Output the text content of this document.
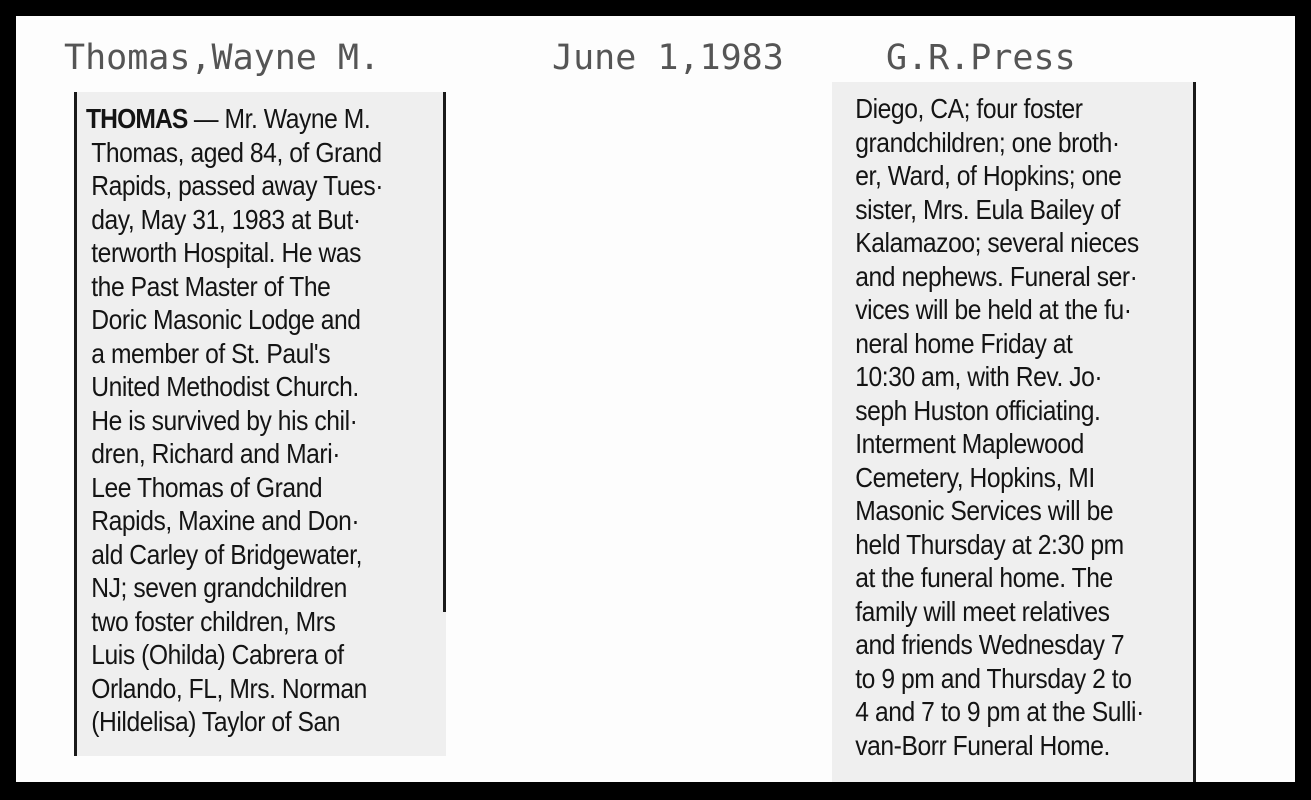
Thomas,Wayne M.	June 1,1983	G.R.Press
THOMAS — Mr. Wayne M.
Thomas, aged 84, of Grand
Rapids, passed away Tues·
day, May 31, 1983 at But·
terworth Hospital. He was
the Past Master of The
Doric Masonic Lodge and
a member of St. Paul's
United Methodist Church.
He is survived by his chil·
dren, Richard and Mari·
Lee Thomas of Grand
Rapids, Maxine and Don·
ald Carley of Bridgewater,
NJ; seven grandchildren
two foster children, Mrs
Luis (Ohilda) Cabrera of
Orlando, FL, Mrs. Norman
(Hildelisa) Taylor of San
Diego, CA; four foster
grandchildren; one broth·
er, Ward, of Hopkins; one
sister, Mrs. Eula Bailey of
Kalamazoo; several nieces
and nephews. Funeral ser·
vices will be held at the fu·
neral home Friday at
10:30 am, with Rev. Jo·
seph Huston officiating.
Interment Maplewood
Cemetery, Hopkins, MI
Masonic Services will be
held Thursday at 2:30 pm
at the funeral home. The
family will meet relatives
and friends Wednesday 7
to 9 pm and Thursday 2 to
4 and 7 to 9 pm at the Sulli·
van-Borr Funeral Home.
